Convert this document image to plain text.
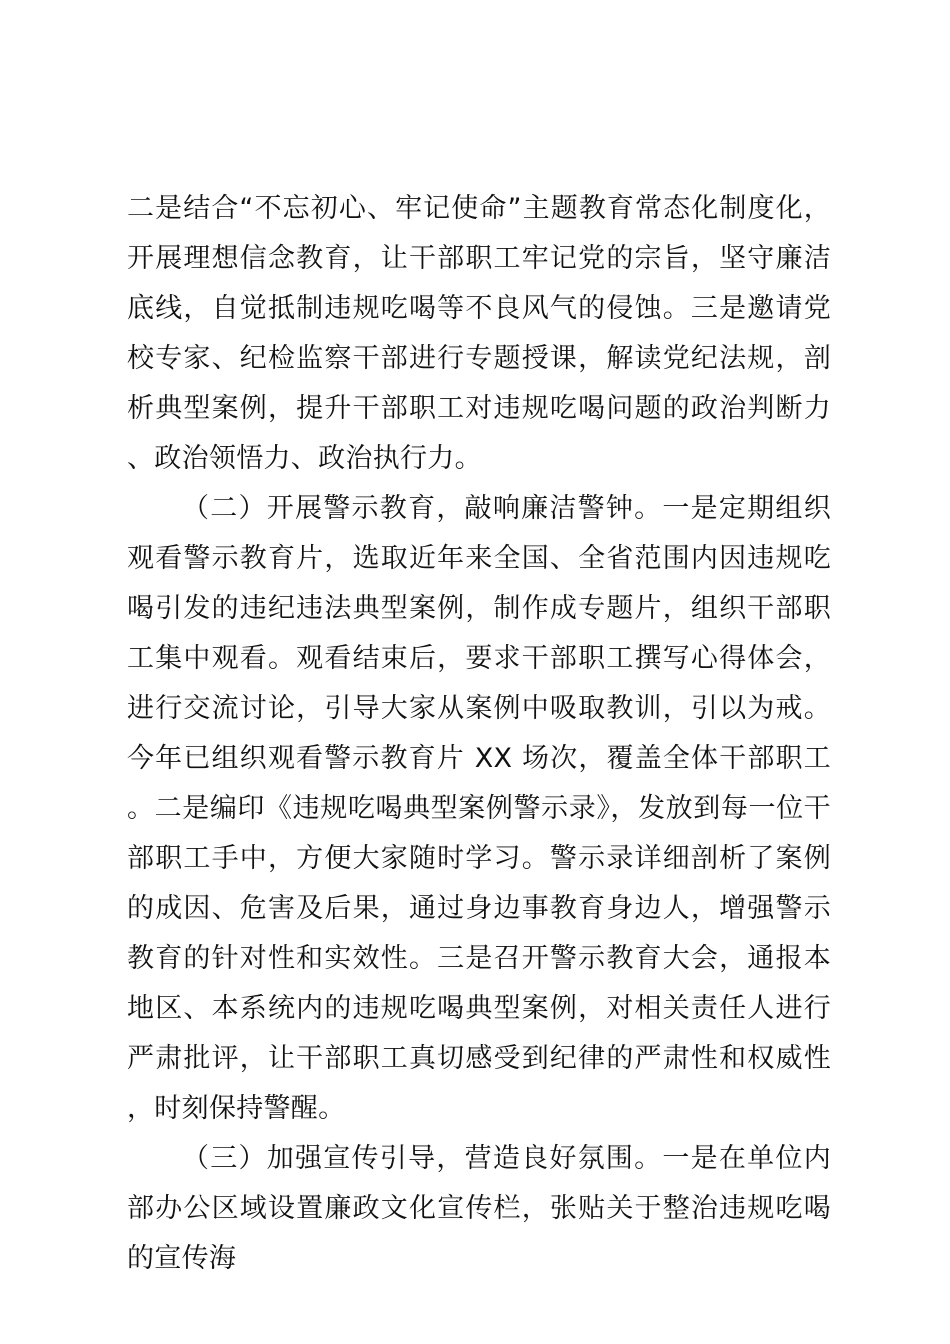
二是结合“不忘初心、牢记使命”主题教育常态化制度化，开展理想信念教育，让干部职工牢记党的宗旨，坚守廉洁底线，自觉抵制违规吃喝等不良风气的侵蚀。三是邀请党校专家、纪检监察干部进行专题授课，解读党纪法规，剖析典型案例，提升干部职工对违规吃喝问题的政治判断力、政治领悟力、政治执行力。

（二）开展警示教育，敲响廉洁警钟。一是定期组织观看警示教育片，选取近年来全国、全省范围内因违规吃喝引发的违纪违法典型案例，制作成专题片，组织干部职工集中观看。观看结束后，要求干部职工撰写心得体会，进行交流讨论，引导大家从案例中吸取教训，引以为戒。今年已组织观看警示教育片 XX 场次，覆盖全体干部职工。二是编印《违规吃喝典型案例警示录》，发放到每一位干部职工手中，方便大家随时学习。警示录详细剖析了案例的成因、危害及后果，通过身边事教育身边人，增强警示教育的针对性和实效性。三是召开警示教育大会，通报本地区、本系统内的违规吃喝典型案例，对相关责任人进行严肃批评，让干部职工真切感受到纪律的严肃性和权威性，时刻保持警醒。

（三）加强宣传引导，营造良好氛围。一是在单位内部办公区域设置廉政文化宣传栏，张贴关于整治违规吃喝的宣传海
